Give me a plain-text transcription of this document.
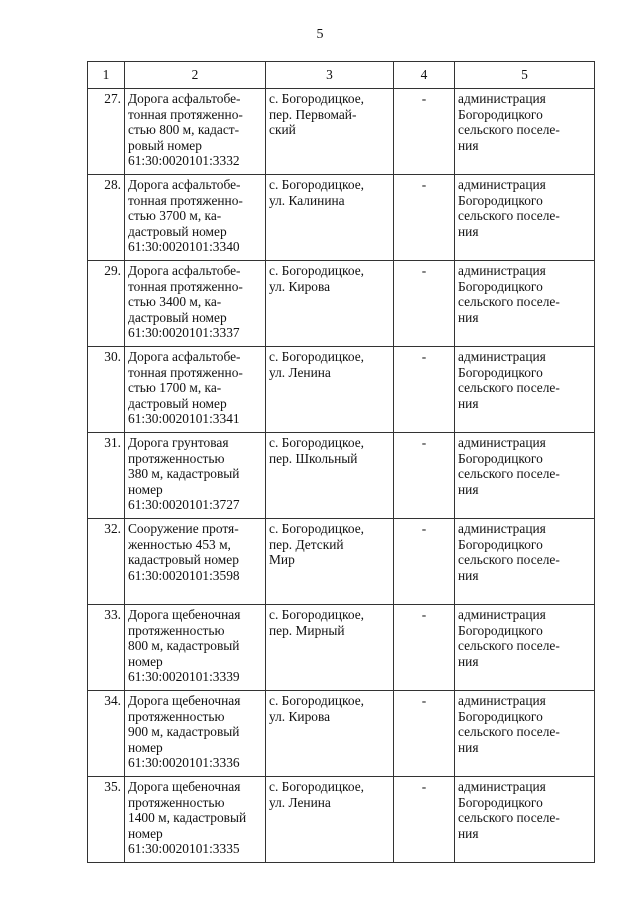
5
1	2	3	4	5
27.	Дорога асфальтобе-
тонная протяженно-
стью 800 м, кадаст-
ровый номер
61:30:0020101:3332	с. Богородицкое,
пер. Первомай-
ский	-	администрация
Богородицкого
сельского поселе-
ния
28.	Дорога асфальтобе-
тонная протяженно-
стью 3700 м, ка-
дастровый номер
61:30:0020101:3340	с. Богородицкое,
ул. Калинина	-	администрация
Богородицкого
сельского поселе-
ния
29.	Дорога асфальтобе-
тонная протяженно-
стью 3400 м, ка-
дастровый номер
61:30:0020101:3337	с. Богородицкое,
ул. Кирова	-	администрация
Богородицкого
сельского поселе-
ния
30.	Дорога асфальтобе-
тонная протяженно-
стью 1700 м, ка-
дастровый номер
61:30:0020101:3341	с. Богородицкое,
ул. Ленина	-	администрация
Богородицкого
сельского поселе-
ния
31.	Дорога грунтовая
протяженностью
380 м, кадастровый
номер
61:30:0020101:3727	с. Богородицкое,
пер. Школьный	-	администрация
Богородицкого
сельского поселе-
ния
32.	Сооружение протя-
женностью 453 м,
кадастровый номер
61:30:0020101:3598	с. Богородицкое,
пер. Детский
Мир	-	администрация
Богородицкого
сельского поселе-
ния
33.	Дорога щебеночная
протяженностью
800 м, кадастровый
номер
61:30:0020101:3339	с. Богородицкое,
пер. Мирный	-	администрация
Богородицкого
сельского поселе-
ния
34.	Дорога щебеночная
протяженностью
900 м, кадастровый
номер
61:30:0020101:3336	с. Богородицкое,
ул. Кирова	-	администрация
Богородицкого
сельского поселе-
ния
35.	Дорога щебеночная
протяженностью
1400 м, кадастровый
номер
61:30:0020101:3335	с. Богородицкое,
ул. Ленина	-	администрация
Богородицкого
сельского поселе-
ния
